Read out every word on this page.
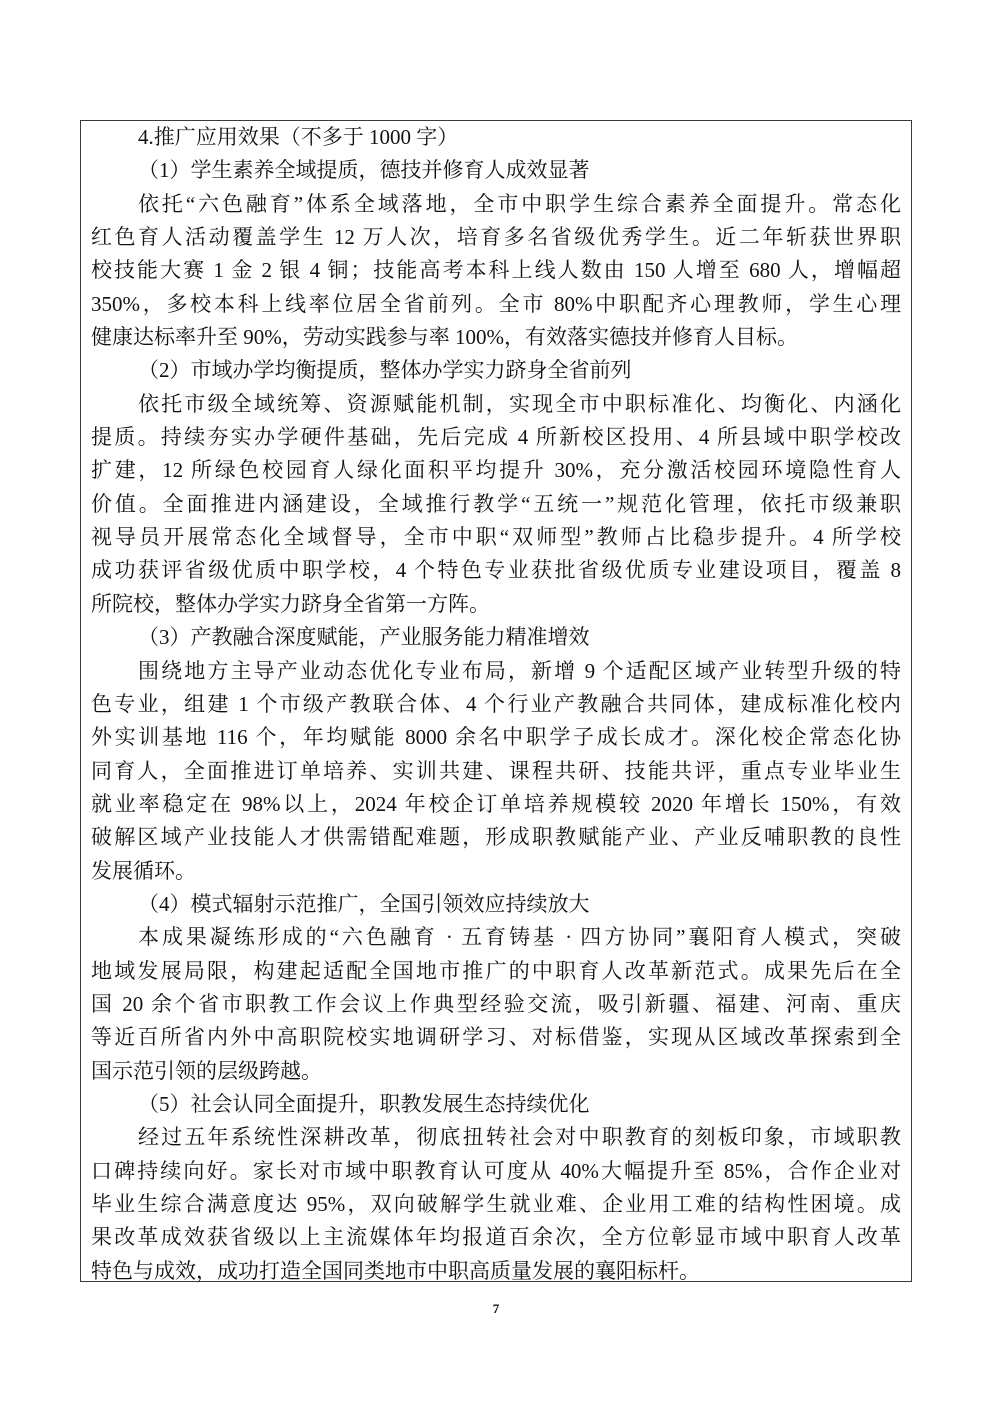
4.推广应用效果（不多于 1000 字）
（1）学生素养全域提质，德技并修育人成效显著
依托“六色融育”体系全域落地，全市中职学生综合素养全面提升。常态化
红色育人活动覆盖学生 12 万人次，培育多名省级优秀学生。近二年斩获世界职
校技能大赛 1 金 2 银 4 铜；技能高考本科上线人数由 150 人增至 680 人，增幅超
350%，多校本科上线率位居全省前列。全市 80%中职配齐心理教师，学生心理
健康达标率升至 90%，劳动实践参与率 100%，有效落实德技并修育人目标。
（2）市域办学均衡提质，整体办学实力跻身全省前列
依托市级全域统筹、资源赋能机制，实现全市中职标准化、均衡化、内涵化
提质。持续夯实办学硬件基础，先后完成 4 所新校区投用、4 所县域中职学校改
扩建，12 所绿色校园育人绿化面积平均提升 30%，充分激活校园环境隐性育人
价值。全面推进内涵建设，全域推行教学“五统一”规范化管理，依托市级兼职
视导员开展常态化全域督导，全市中职“双师型”教师占比稳步提升。4 所学校
成功获评省级优质中职学校，4 个特色专业获批省级优质专业建设项目，覆盖 8
所院校，整体办学实力跻身全省第一方阵。
（3）产教融合深度赋能，产业服务能力精准增效
围绕地方主导产业动态优化专业布局，新增 9 个适配区域产业转型升级的特
色专业，组建 1 个市级产教联合体、4 个行业产教融合共同体，建成标准化校内
外实训基地 116 个，年均赋能 8000 余名中职学子成长成才。深化校企常态化协
同育人，全面推进订单培养、实训共建、课程共研、技能共评，重点专业毕业生
就业率稳定在 98%以上，2024 年校企订单培养规模较 2020 年增长 150%，有效
破解区域产业技能人才供需错配难题，形成职教赋能产业、产业反哺职教的良性
发展循环。
（4）模式辐射示范推广，全国引领效应持续放大
本成果凝练形成的“六色融育 · 五育铸基 · 四方协同”襄阳育人模式，突破
地域发展局限，构建起适配全国地市推广的中职育人改革新范式。成果先后在全
国 20 余个省市职教工作会议上作典型经验交流，吸引新疆、福建、河南、重庆
等近百所省内外中高职院校实地调研学习、对标借鉴，实现从区域改革探索到全
国示范引领的层级跨越。
（5）社会认同全面提升，职教发展生态持续优化
经过五年系统性深耕改革，彻底扭转社会对中职教育的刻板印象，市域职教
口碑持续向好。家长对市域中职教育认可度从 40%大幅提升至 85%，合作企业对
毕业生综合满意度达 95%，双向破解学生就业难、企业用工难的结构性困境。成
果改革成效获省级以上主流媒体年均报道百余次，全方位彰显市域中职育人改革
特色与成效，成功打造全国同类地市中职高质量发展的襄阳标杆。
7
